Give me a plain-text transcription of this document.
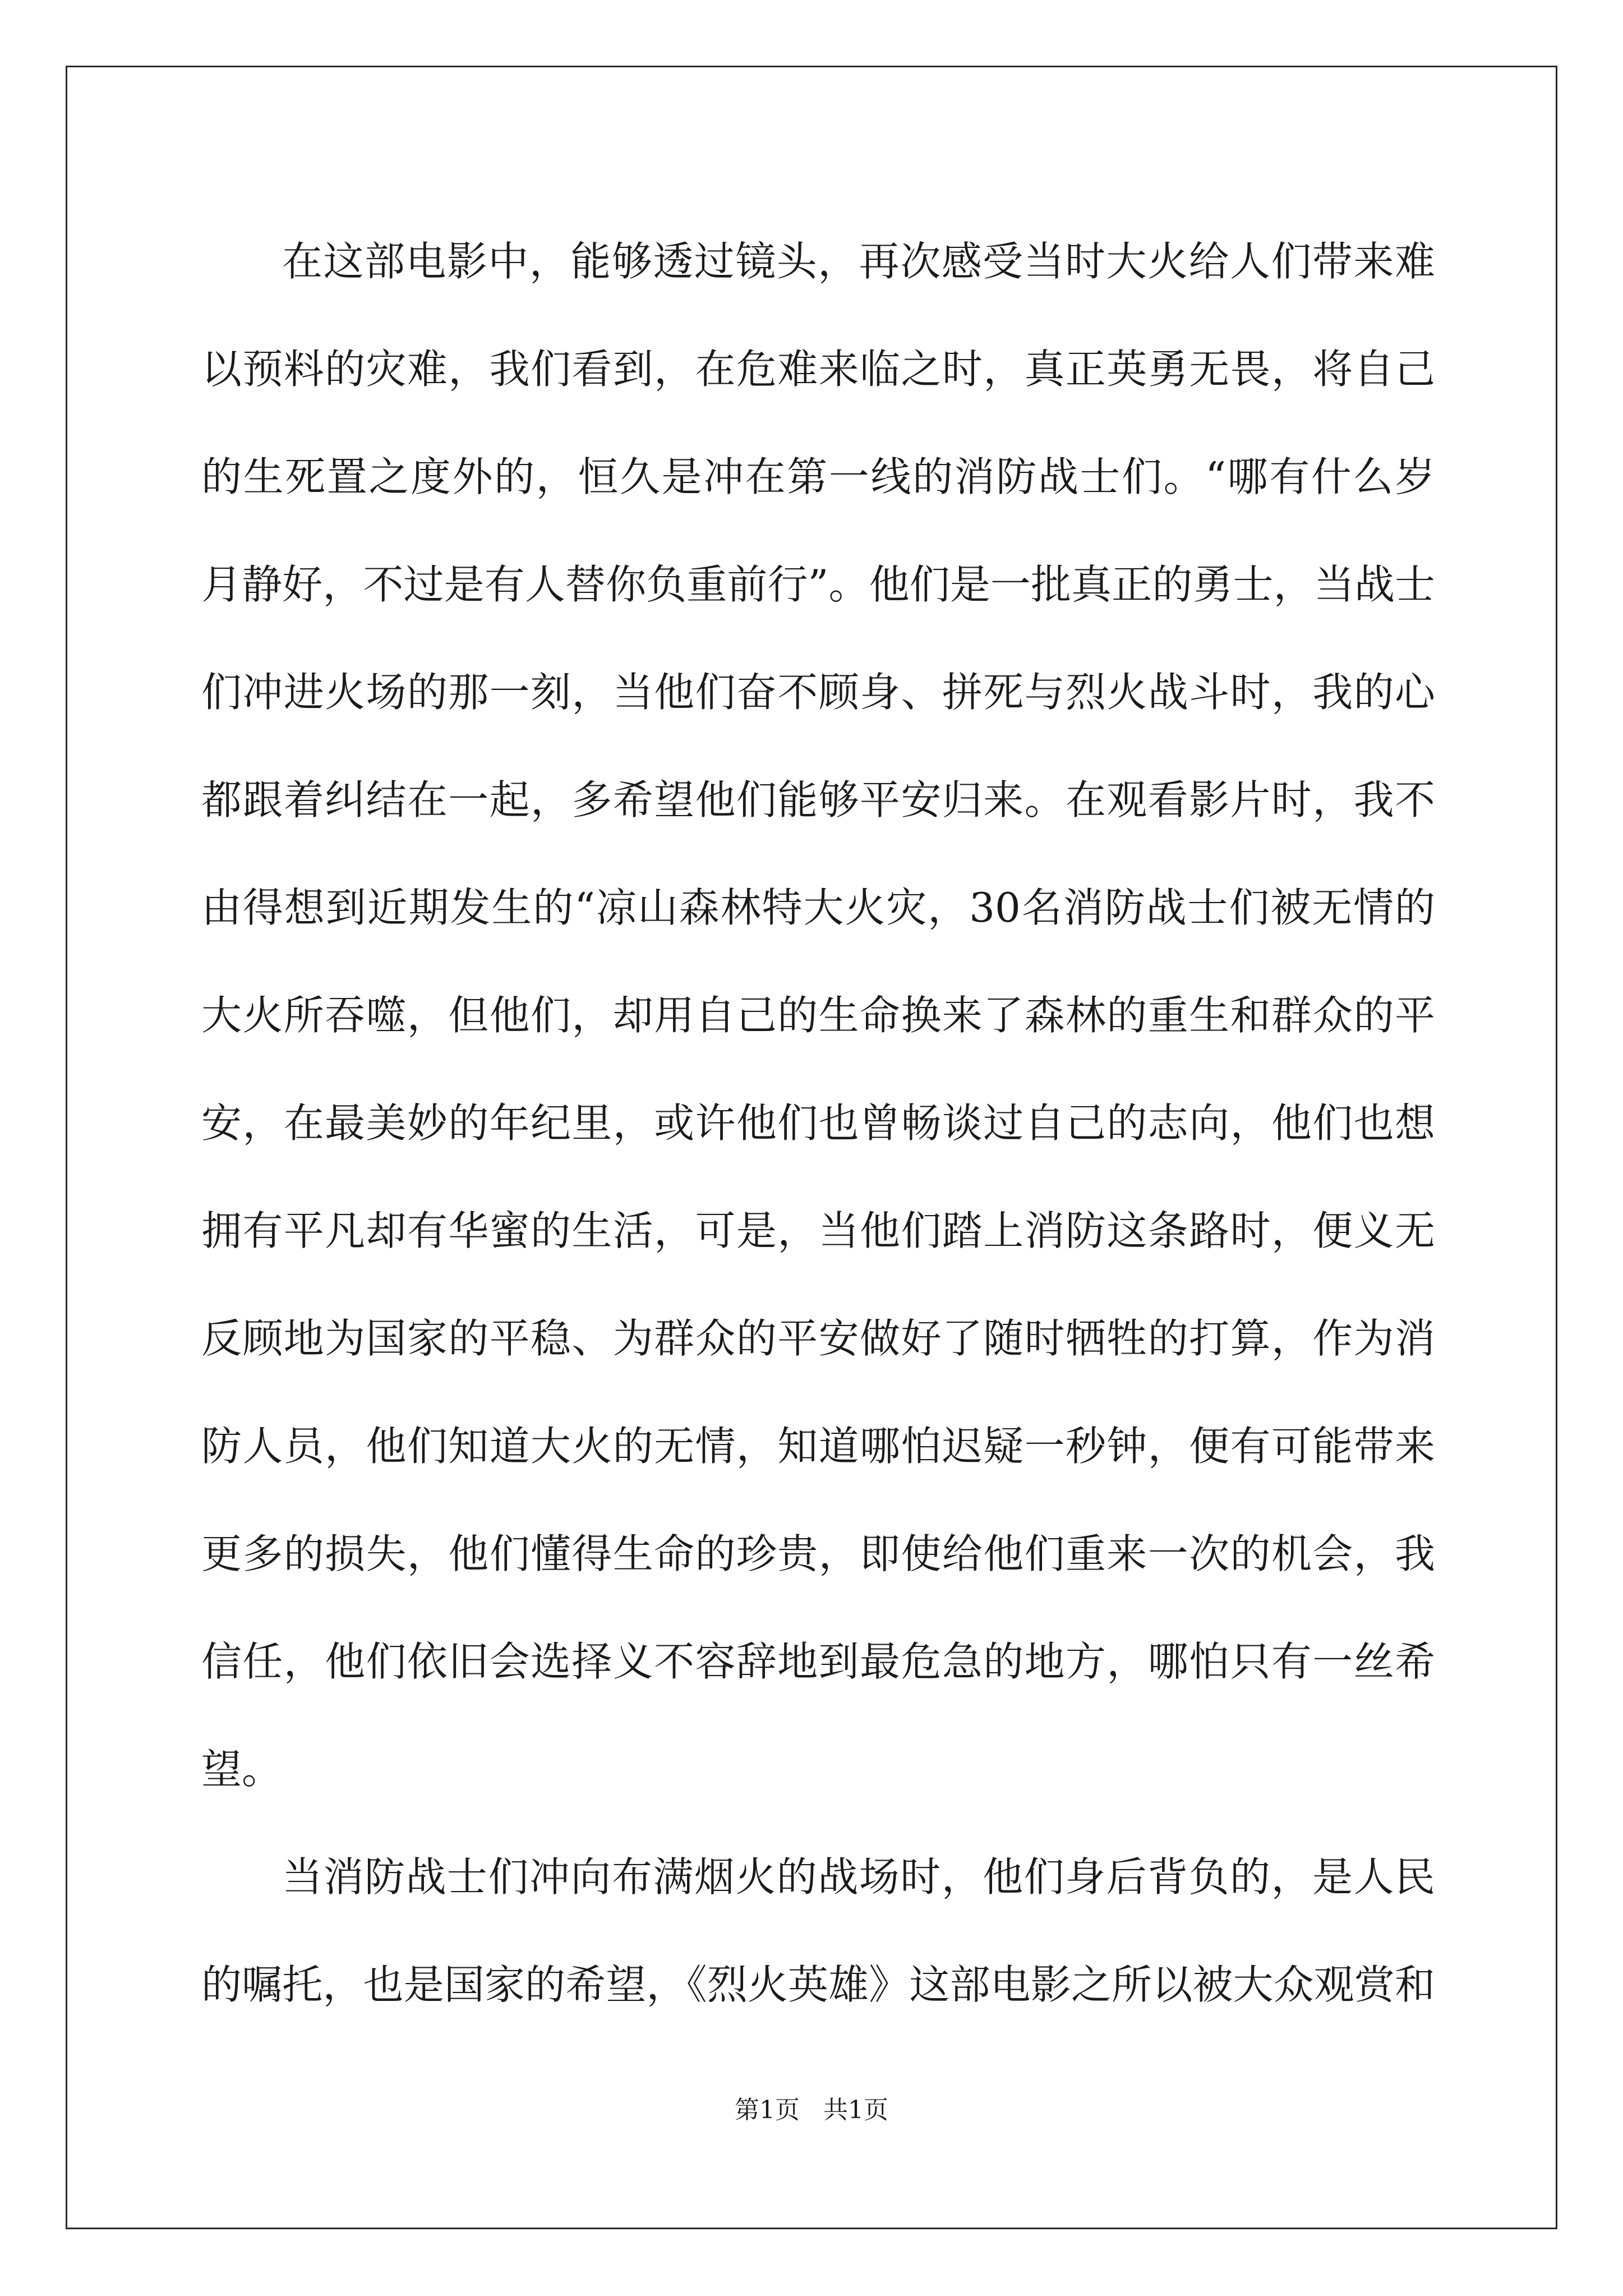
在这部电影中，能够透过镜头，再次感受当时大火给人们带来难
以预料的灾难，我们看到，在危难来临之时，真正英勇无畏，将自己
的生死置之度外的，恒久是冲在第一线的消防战士们。“哪有什么岁
月静好，不过是有人替你负重前行”。他们是一批真正的勇士，当战士
们冲进火场的那一刻，当他们奋不顾身、拼死与烈火战斗时，我的心
都跟着纠结在一起，多希望他们能够平安归来。在观看影片时，我不
由得想到近期发生的“凉山森林特大火灾，30名消防战士们被无情的
大火所吞噬，但他们，却用自己的生命换来了森林的重生和群众的平
安，在最美妙的年纪里，或许他们也曾畅谈过自己的志向，他们也想
拥有平凡却有华蜜的生活，可是，当他们踏上消防这条路时，便义无
反顾地为国家的平稳、为群众的平安做好了随时牺牲的打算，作为消
防人员，他们知道大火的无情，知道哪怕迟疑一秒钟，便有可能带来
更多的损失，他们懂得生命的珍贵，即使给他们重来一次的机会，我
信任，他们依旧会选择义不容辞地到最危急的地方，哪怕只有一丝希
望。
当消防战士们冲向布满烟火的战场时，他们身后背负的，是人民
的嘱托，也是国家的希望，《烈火英雄》这部电影之所以被大众观赏和
第1页   共1页
